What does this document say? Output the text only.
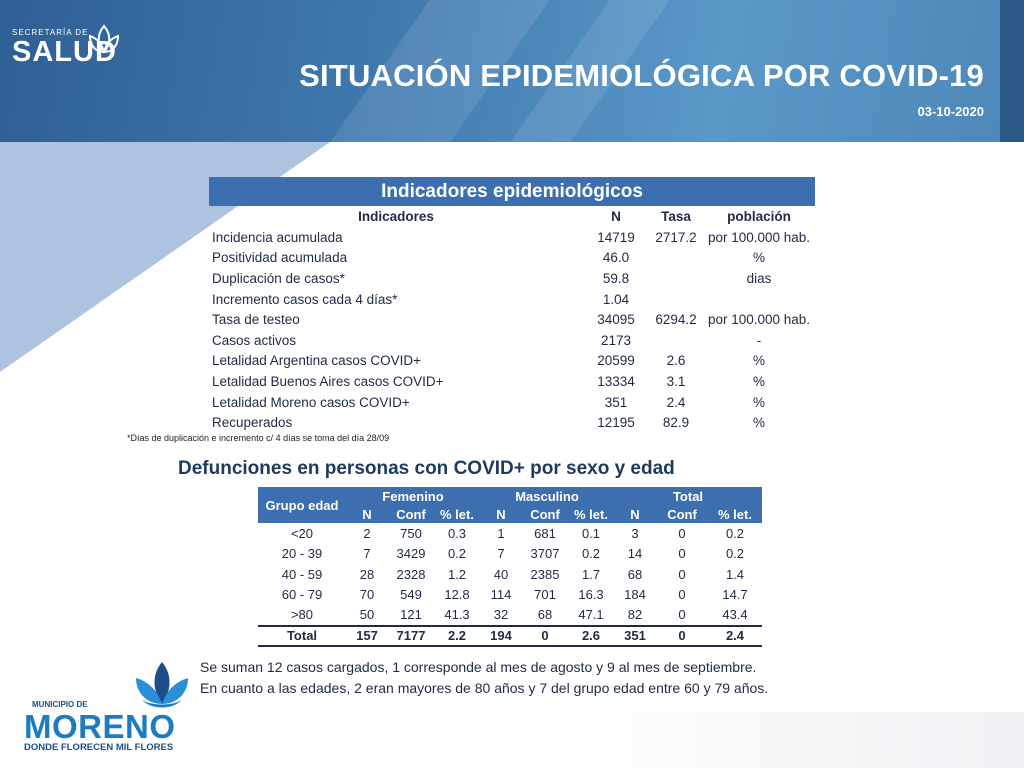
SECRETARÍA DE
SALUD
SITUACIÓN EPIDEMIOLÓGICA POR COVID-19
03-10-2020
Indicadores epidemiológicos
Indicadores	N	Tasa	población
Incidencia acumulada	14719	2717.2	por 100.000 hab.
Positividad acumulada	46.0		%
Duplicación de casos*	59.8		dias
Incremento casos cada 4 días*	1.04		
Tasa de testeo	34095	6294.2	por 100.000 hab.
Casos activos	2173		-
Letalidad Argentina casos COVID+	20599	2.6	%
Letalidad Buenos Aires casos COVID+	13334	3.1	%
Letalidad Moreno casos COVID+	351	2.4	%
Recuperados	12195	82.9	%
*Días de duplicación e incremento c/ 4 días se toma del día 28/09
Defunciones en personas con COVID+ por sexo y edad
Grupo edad	Femenino			Masculino			Total		
	N	Conf	% let.	N	Conf	% let.	N	Conf	% let.
<20	2	750	0.3	1	681	0.1	3	0	0.2
20 - 39	7	3429	0.2	7	3707	0.2	14	0	0.2
40 - 59	28	2328	1.2	40	2385	1.7	68	0	1.4
60 - 79	70	549	12.8	114	701	16.3	184	0	14.7
>80	50	121	41.3	32	68	47.1	82	0	43.4
Total	157	7177	2.2	194	0	2.6	351	0	2.4
Se suman 12 casos cargados, 1 corresponde al mes de agosto y 9 al mes de septiembre.
En cuanto a las edades, 2 eran mayores de 80 años y 7 del grupo edad entre 60 y 79 años.
MUNICIPIO DE
MORENO
DONDE FLORECEN MIL FLORES
